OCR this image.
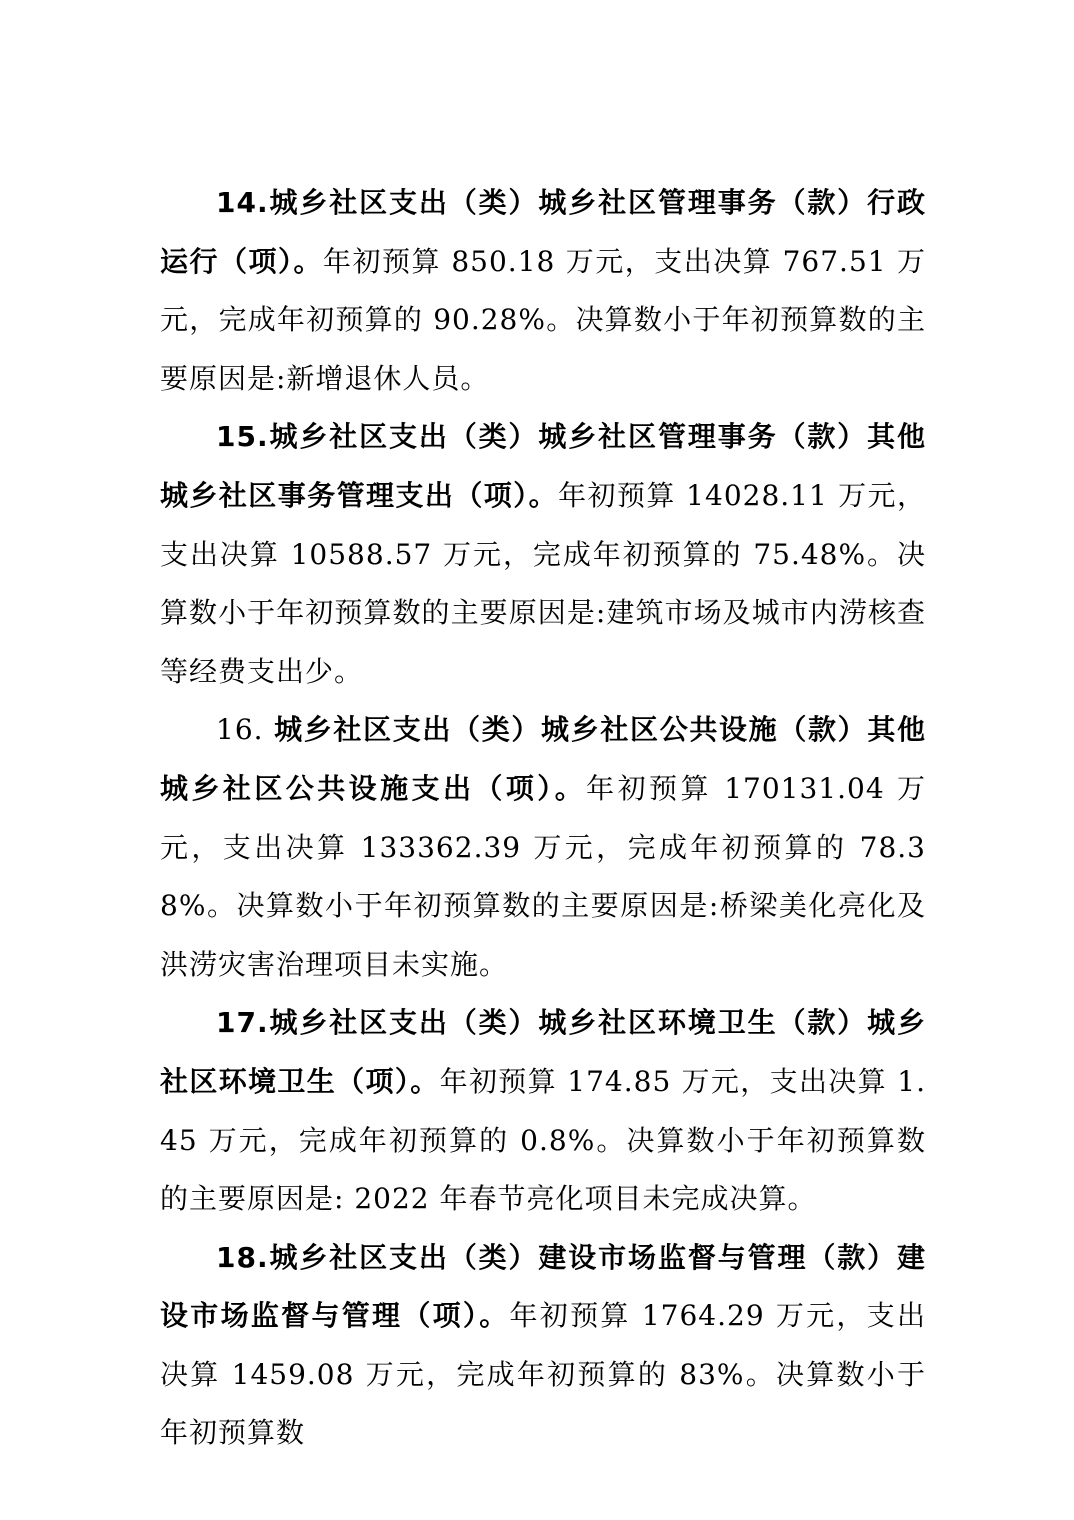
14.城乡社区支出（类）城乡社区管理事务（款）行政运行（项）。年初预算 850.18 万元，支出决算 767.51 万元，完成年初预算的 90.28%。决算数小于年初预算数的主要原因是:新增退休人员。

15.城乡社区支出（类）城乡社区管理事务（款）其他城乡社区事务管理支出（项）。年初预算 14028.11 万元，支出决算 10588.57 万元，完成年初预算的 75.48%。决算数小于年初预算数的主要原因是:建筑市场及城市内涝核查等经费支出少。

16. 城乡社区支出（类）城乡社区公共设施（款）其他城乡社区公共设施支出（项）。年初预算 170131.04 万元，支出决算 133362.39 万元，完成年初预算的 78.38%。决算数小于年初预算数的主要原因是:桥梁美化亮化及洪涝灾害治理项目未实施。

17.城乡社区支出（类）城乡社区环境卫生（款）城乡社区环境卫生（项）。年初预算 174.85 万元，支出决算 1.45 万元，完成年初预算的 0.8%。决算数小于年初预算数的主要原因是: 2022 年春节亮化项目未完成决算。

18.城乡社区支出（类）建设市场监督与管理（款）建设市场监督与管理（项）。年初预算 1764.29 万元，支出决算 1459.08 万元，完成年初预算的 83%。决算数小于年初预算数
